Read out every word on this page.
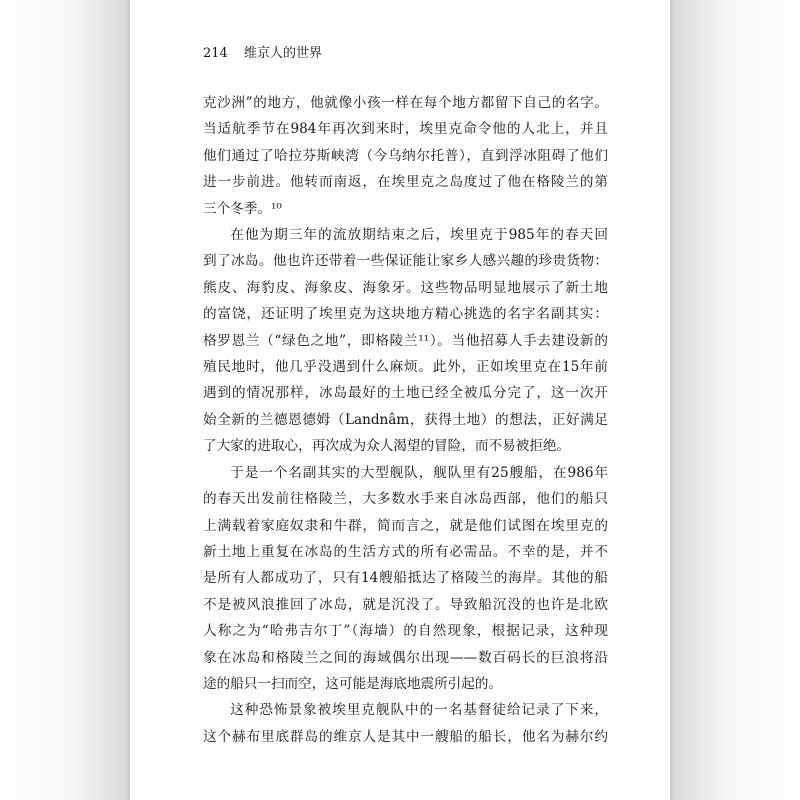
214 维京人的世界

克沙洲”的地方，他就像小孩一样在每个地方都留下自己的名字。

当适航季节在984年再次到来时，埃里克命令他的人北上，并且

他们通过了哈拉芬斯峡湾（今乌纳尔托普），直到浮冰阻碍了他们

进一步前进。他转而南返，在埃里克之岛度过了他在格陵兰的第

三个冬季。¹⁰

在他为期三年的流放期结束之后，埃里克于985年的春天回

到了冰岛。他也许还带着一些保证能让家乡人感兴趣的珍贵货物：

熊皮、海豹皮、海象皮、海象牙。这些物品明显地展示了新土地

的富饶，还证明了埃里克为这块地方精心挑选的名字名副其实：

格罗恩兰（“绿色之地”，即格陵兰¹¹）。当他招募人手去建设新的

殖民地时，他几乎没遇到什么麻烦。此外，正如埃里克在15年前

遇到的情况那样，冰岛最好的土地已经全被瓜分完了，这一次开

始全新的兰德恩德姆（Landnâm，获得土地）的想法，正好满足

了大家的进取心，再次成为众人渴望的冒险，而不易被拒绝。

于是一个名副其实的大型舰队，舰队里有25艘船，在986年

的春天出发前往格陵兰，大多数水手来自冰岛西部，他们的船只

上满载着家庭奴隶和牛群，简而言之，就是他们试图在埃里克的

新土地上重复在冰岛的生活方式的所有必需品。不幸的是，并不

是所有人都成功了，只有14艘船抵达了格陵兰的海岸。其他的船

不是被风浪推回了冰岛，就是沉没了。导致船沉没的也许是北欧

人称之为“哈弗吉尔丁”（海墙）的自然现象，根据记录，这种现

象在冰岛和格陵兰之间的海域偶尔出现——数百码长的巨浪将沿

途的船只一扫而空，这可能是海底地震所引起的。

这种恐怖景象被埃里克舰队中的一名基督徒给记录了下来，

这个赫布里底群岛的维京人是其中一艘船的船长，他名为赫尔约
